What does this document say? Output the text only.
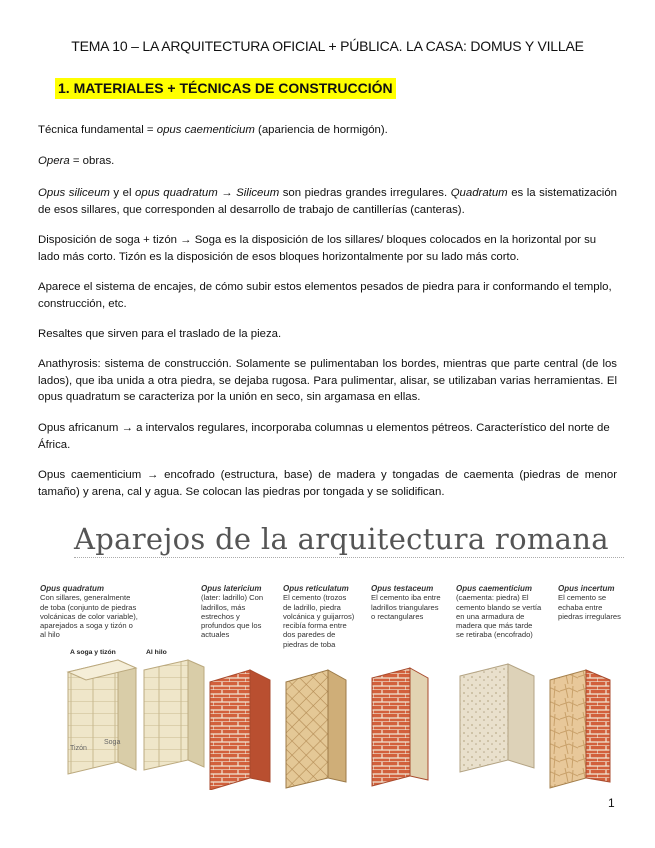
TEMA 10 – LA ARQUITECTURA OFICIAL + PÚBLICA. LA CASA: DOMUS Y VILLAE
1. MATERIALES + TÉCNICAS DE CONSTRUCCIÓN
Técnica fundamental = opus caementicium (apariencia de hormigón).
Opera = obras.
Opus siliceum y el opus quadratum → Siliceum son piedras grandes irregulares. Quadratum es la sistematización de esos sillares, que corresponden al desarrollo de trabajo de cantillerías (canteras).
Disposición de soga + tizón → Soga es la disposición de los sillares/ bloques colocados en la horizontal por su lado más corto. Tizón es la disposición de esos bloques horizontalmente por su lado más corto.
Aparece el sistema de encajes, de cómo subir estos elementos pesados de piedra para ir conformando el templo, construcción, etc.
Resaltes que sirven para el traslado de la pieza.
Anathyrosis: sistema de construcción. Solamente se pulimentaban los bordes, mientras que parte central (de los lados), que iba unida a otra piedra, se dejaba rugosa. Para pulimentar, alisar, se utilizaban varias herramientas. El opus quadratum se caracteriza por la unión en seco, sin argamasa en ellas.
Opus africanum → a intervalos regulares, incorporaba columnas u elementos pétreos. Característico del norte de África.
Opus caementicium → encofrado (estructura, base) de madera y tongadas de caementa (piedras de menor tamaño) y arena, cal y agua. Se colocan las piedras por tongada y se solidifican.
Aparejos de la arquitectura romana
Opus quadratum
Con sillares, generalmente de toba (conjunto de piedras volcánicas de color variable), aparejados a soga y tizón o al hilo
Opus latericium
(later: ladrillo) Con ladrillos, más estrechos y profundos que los actuales
Opus reticulatum
El cemento (trozos de ladrillo, piedra volcánica y guijarros) recibía forma entre dos paredes de piedras de toba
Opus testaceum
El cemento iba entre ladrillos triangulares o rectangulares
Opus caementicium
(caementa: piedra) El cemento blando se vertía en una armadura de madera que más tarde se retiraba (encofrado)
Opus incertum
El cemento se echaba entre piedras irregulares
A soga y tizón	Al hilo
Tizón
Soga
1
